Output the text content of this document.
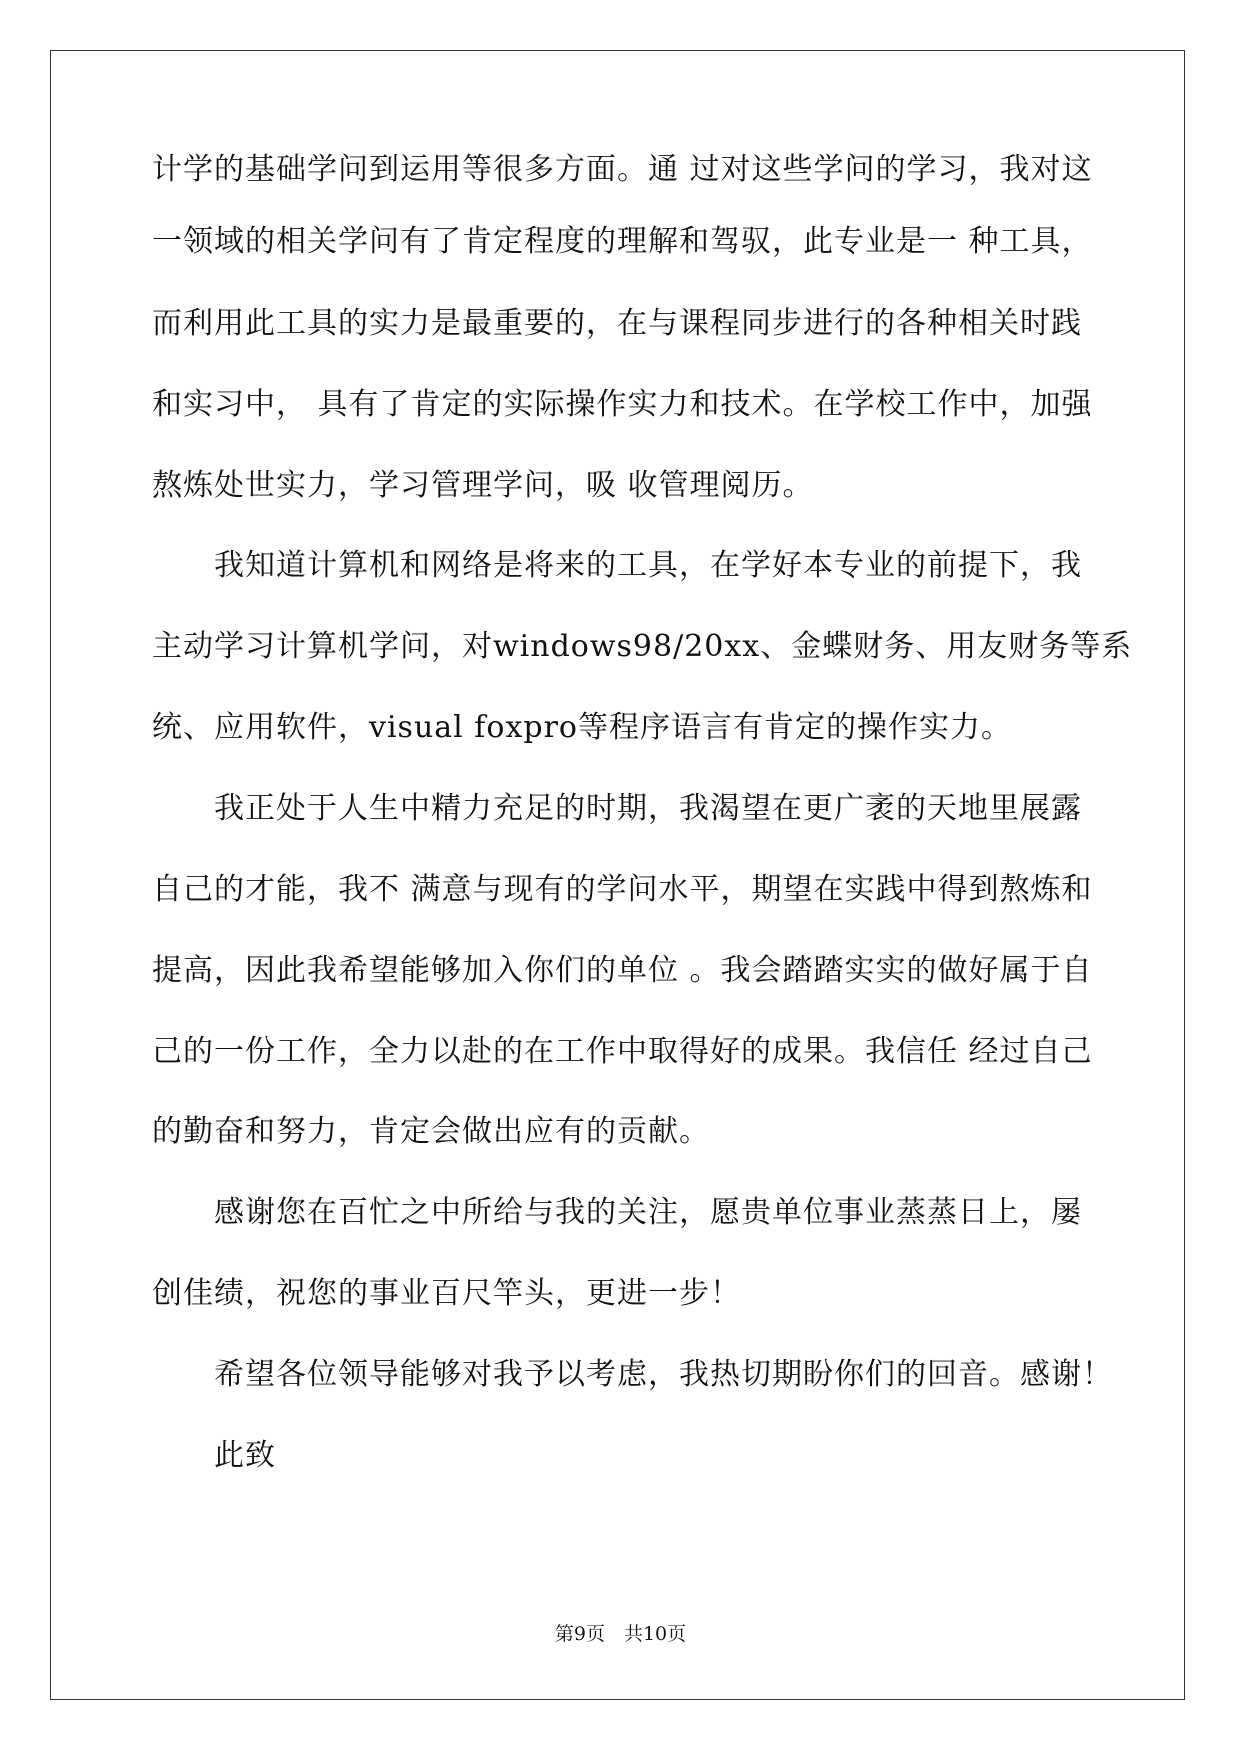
计学的基础学问到运用等很多方面。通 过对这些学问的学习，我对这
一领域的相关学问有了肯定程度的理解和驾驭，此专业是一 种工具，
而利用此工具的实力是最重要的，在与课程同步进行的各种相关时践
和实习中， 具有了肯定的实际操作实力和技术。在学校工作中，加强
熬炼处世实力，学习管理学问，吸 收管理阅历。
我知道计算机和网络是将来的工具，在学好本专业的前提下，我
主动学习计算机学问，对windows98/20xx、金蝶财务、用友财务等系
统、应用软件，visual foxpro等程序语言有肯定的操作实力。
我正处于人生中精力充足的时期，我渴望在更广袤的天地里展露
自己的才能，我不 满意与现有的学问水平，期望在实践中得到熬炼和
提高，因此我希望能够加入你们的单位 。我会踏踏实实的做好属于自
己的一份工作，全力以赴的在工作中取得好的成果。我信任 经过自己
的勤奋和努力，肯定会做出应有的贡献。
感谢您在百忙之中所给与我的关注，愿贵单位事业蒸蒸日上，屡
创佳绩，祝您的事业百尺竿头，更进一步！
希望各位领导能够对我予以考虑，我热切期盼你们的回音。感谢！
此致
第9页　共10页
